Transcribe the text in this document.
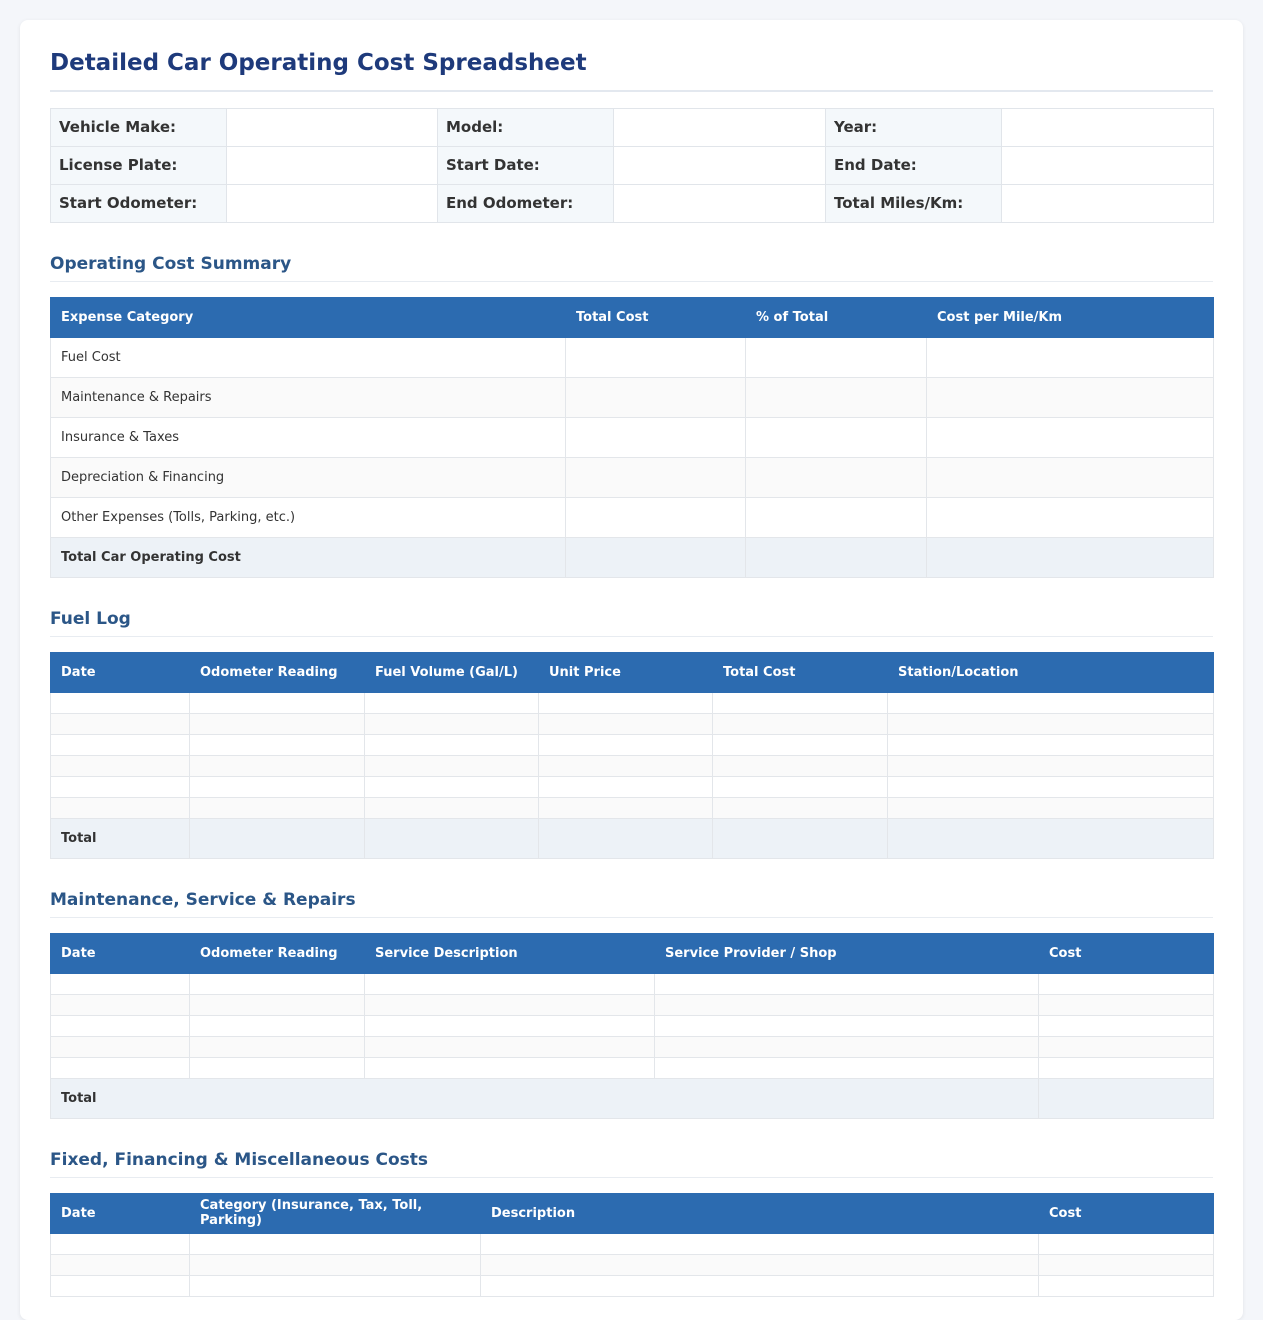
Detailed Car Operating Cost Spreadsheet
Vehicle Make:		Model:		Year:	
License Plate:		Start Date:		End Date:	
Start Odometer:		End Odometer:		Total Miles/Km:	
Operating Cost Summary
Expense Category	Total Cost	% of Total	Cost per Mile/Km
Fuel Cost			
Maintenance & Repairs			
Insurance & Taxes			
Depreciation & Financing			
Other Expenses (Tolls, Parking, etc.)			
Total Car Operating Cost			
Fuel Log
Date	Odometer Reading	Fuel Volume (Gal/L)	Unit Price	Total Cost	Station/Location

Total					
Maintenance, Service & Repairs
Date	Odometer Reading	Service Description	Service Provider / Shop	Cost

Total				
Fixed, Financing & Miscellaneous Costs
Date	Category (Insurance, Tax, Toll, Parking)	Description	Cost
